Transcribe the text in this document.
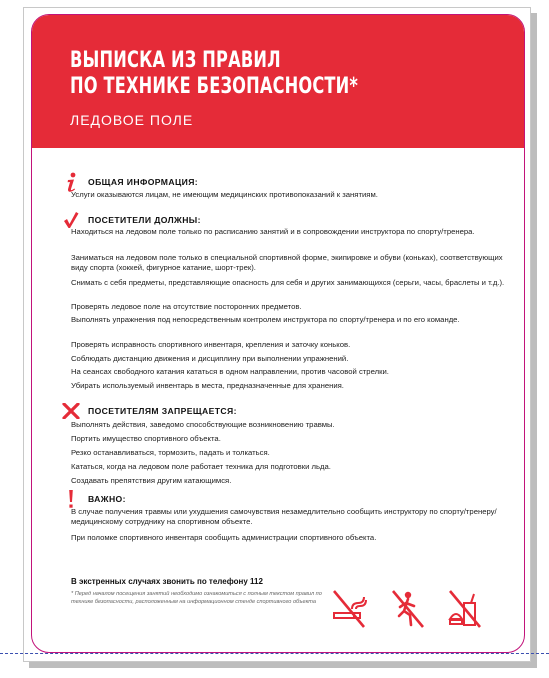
ВЫПИСКА ИЗ ПРАВИЛ
ПО ТЕХНИКЕ БЕЗОПАСНОСТИ*

ЛЕДОВОЕ ПОЛЕ

ОБЩАЯ ИНФОРМАЦИЯ:

Услуги оказываются лицам, не имеющим медицинских противопоказаний к занятиям.

ПОСЕТИТЕЛИ ДОЛЖНЫ:

Находиться на ледовом поле только по расписанию занятий и в сопровождении инструктора по спорту/тренера.

Заниматься на ледовом поле только в специальной спортивной форме, экипировке и обуви (коньках), соответствующих виду спорта (хоккей, фигурное катание, шорт-трек).

Снимать с себя предметы, представляющие опасность для себя и других занимающихся (серьги, часы, браслеты и т.д.).

Проверять ледовое поле на отсутствие посторонних предметов.

Выполнять упражнения под непосредственным контролем инструктора по спорту/тренера и по его команде.

Проверять исправность спортивного инвентаря, крепления и заточку коньков.

Соблюдать дистанцию движения и дисциплину при выполнении упражнений.

На сеансах свободного катания кататься в одном направлении, против часовой стрелки.

Убирать используемый инвентарь в места, предназначенные для хранения.

ПОСЕТИТЕЛЯМ ЗАПРЕЩАЕТСЯ:

Выполнять действия, заведомо способствующие возникновению травмы.

Портить имущество спортивного объекта.

Резко останавливаться, тормозить, падать и толкаться.

Кататься, когда на ледовом поле работает техника для подготовки льда.

Создавать препятствия другим катающимся.

ВАЖНО:

В случае получения травмы или ухудшения самочувствия незамедлительно сообщить инструктору по спорту/тренеру/медицинскому сотруднику на спортивном объекте.

При поломке спортивного инвентаря сообщить администрации спортивного объекта.

В экстренных случаях звонить по телефону 112

* Перед началом посещения занятий необходимо ознакомиться с полным текстом правил по технике безопасности, расположенным на информационном стенде спортивного объекта
